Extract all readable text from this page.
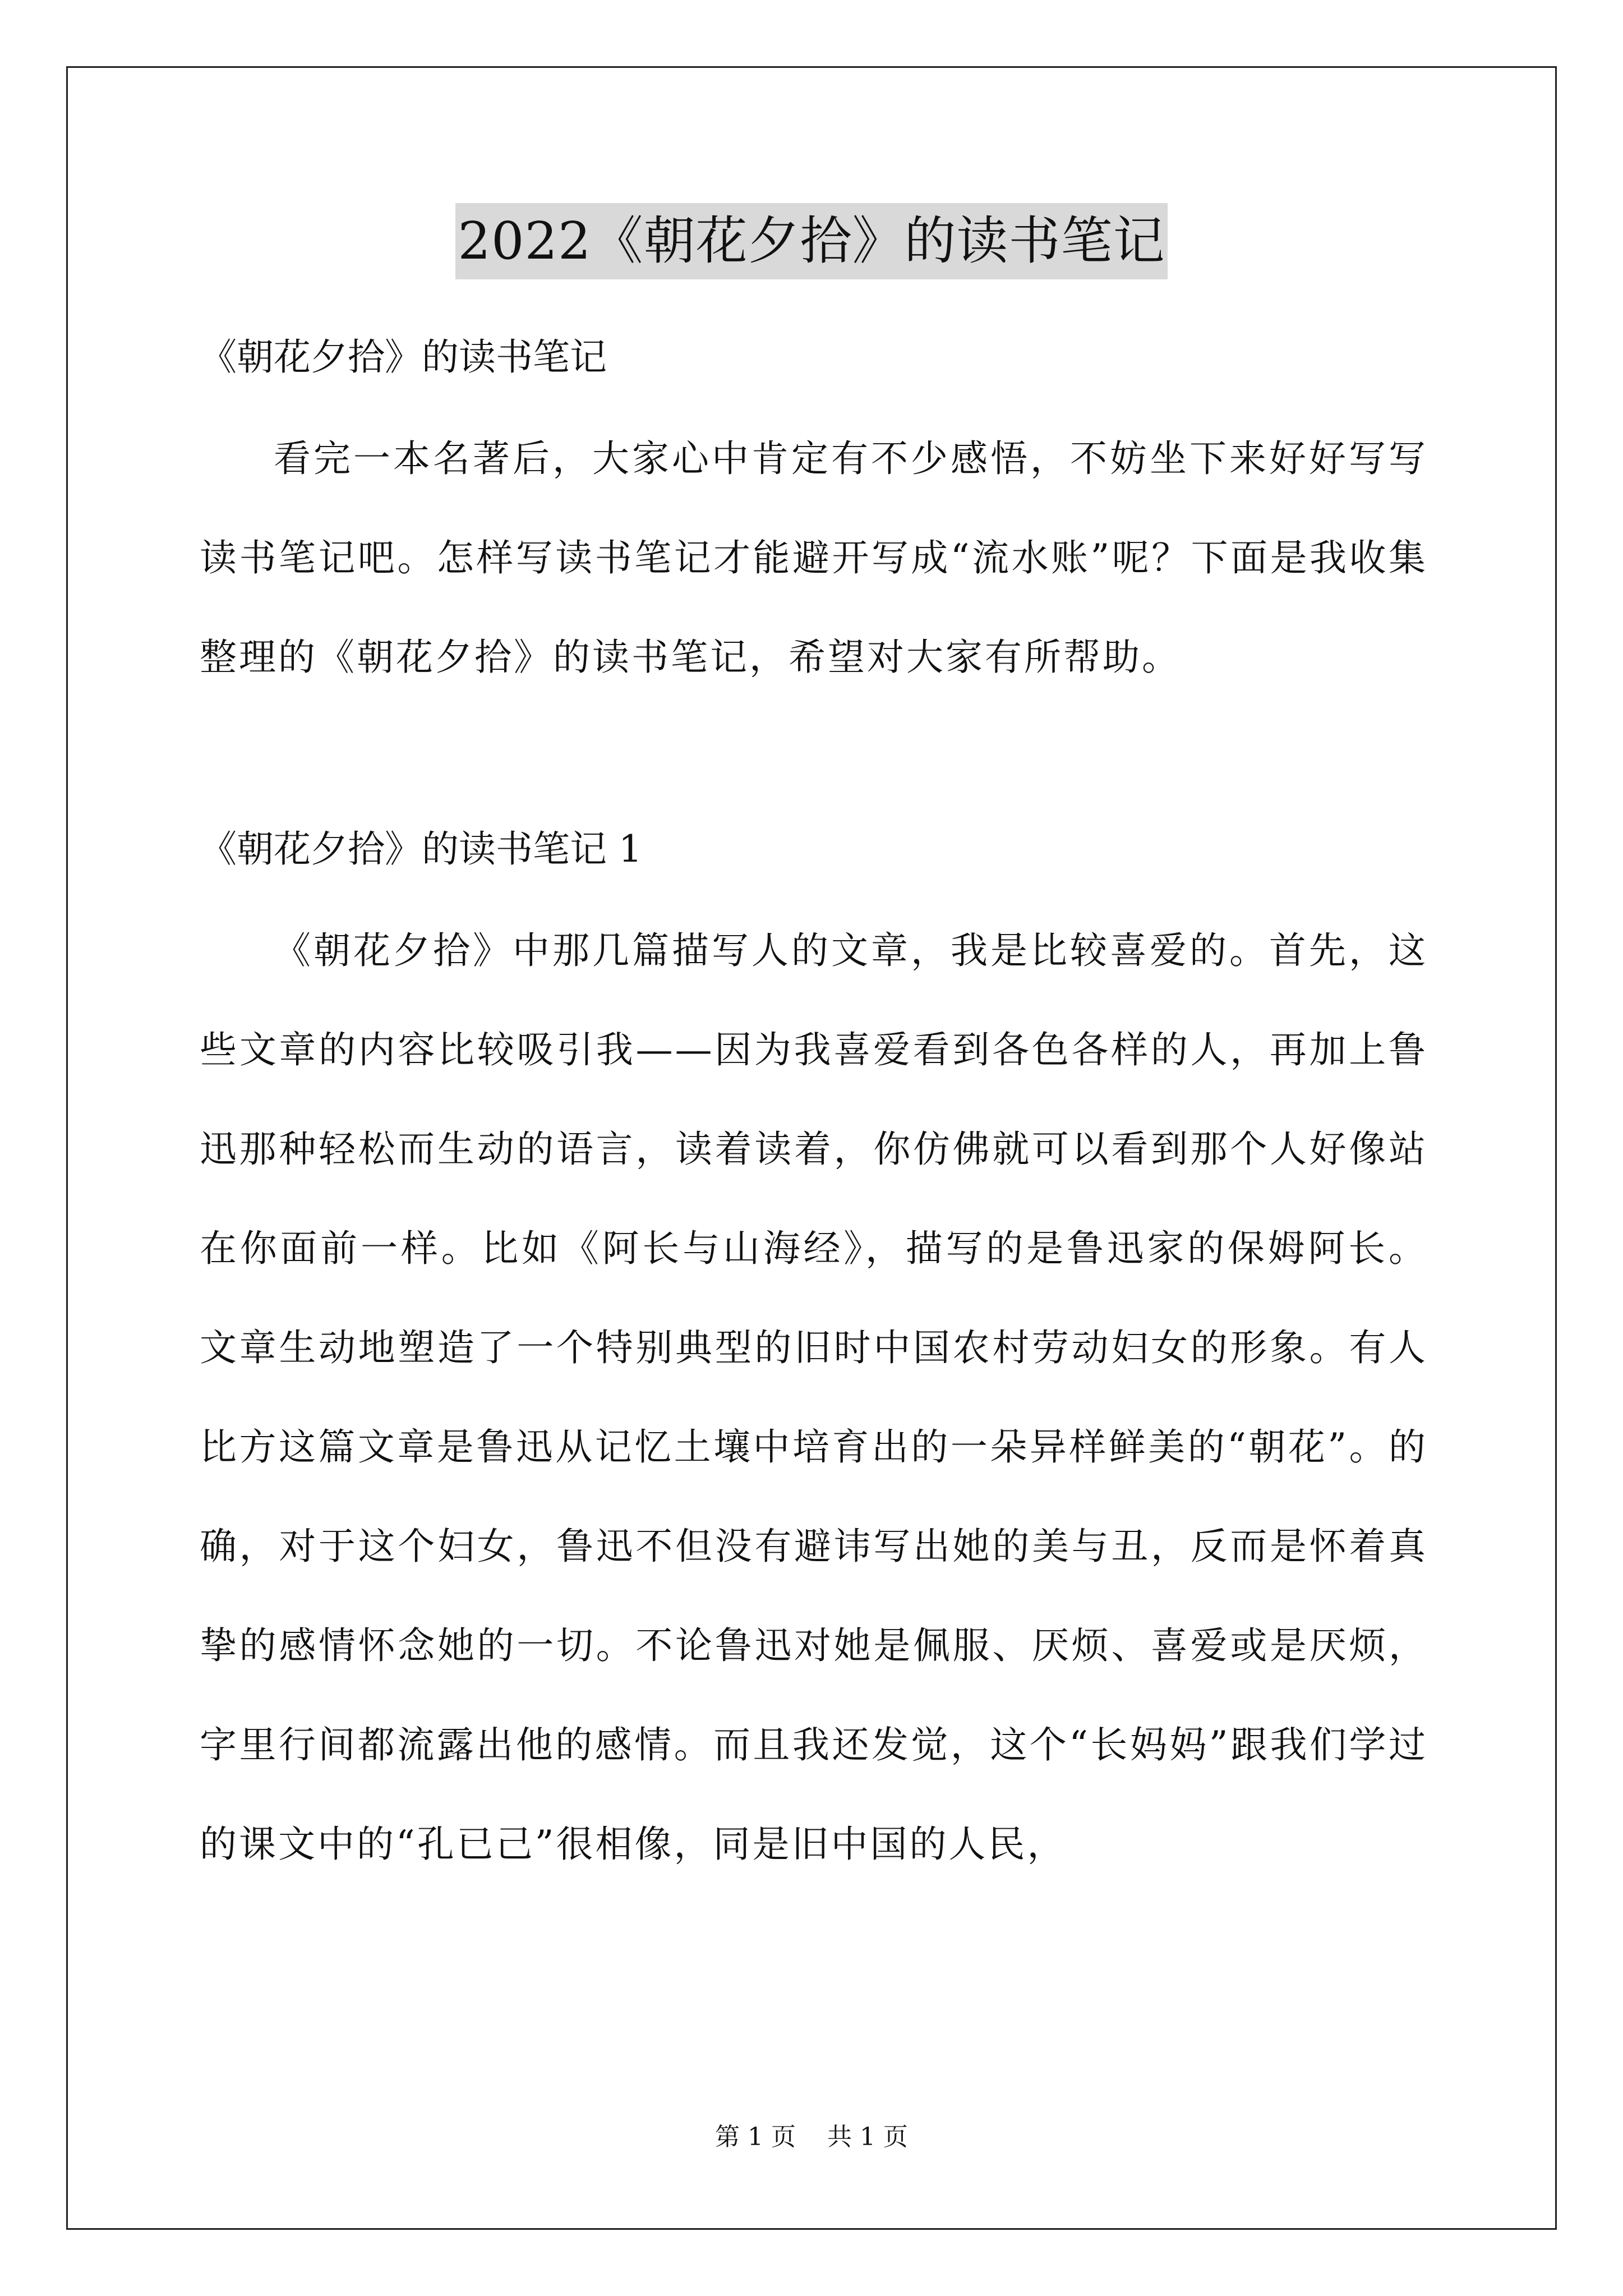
2022《朝花夕拾》的读书笔记

《朝花夕拾》的读书笔记

看完一本名著后，大家心中肯定有不少感悟，不妨坐下来好好写写读书笔记吧。怎样写读书笔记才能避开写成“流水账”呢？下面是我收集整理的《朝花夕拾》的读书笔记，希望对大家有所帮助。

《朝花夕拾》的读书笔记 1

《朝花夕拾》中那几篇描写人的文章，我是比较喜爱的。首先，这些文章的内容比较吸引我——因为我喜爱看到各色各样的人，再加上鲁迅那种轻松而生动的语言，读着读着，你仿佛就可以看到那个人好像站在你面前一样。比如《阿长与山海经》，描写的是鲁迅家的保姆阿长。文章生动地塑造了一个特别典型的旧时中国农村劳动妇女的形象。有人比方这篇文章是鲁迅从记忆土壤中培育出的一朵异样鲜美的“朝花”。的确，对于这个妇女，鲁迅不但没有避讳写出她的美与丑，反而是怀着真挚的感情怀念她的一切。不论鲁迅对她是佩服、厌烦、喜爱或是厌烦，字里行间都流露出他的感情。而且我还发觉，这个“长妈妈”跟我们学过的课文中的“孔已己”很相像，同是旧中国的人民，

第 1 页    共 1 页
